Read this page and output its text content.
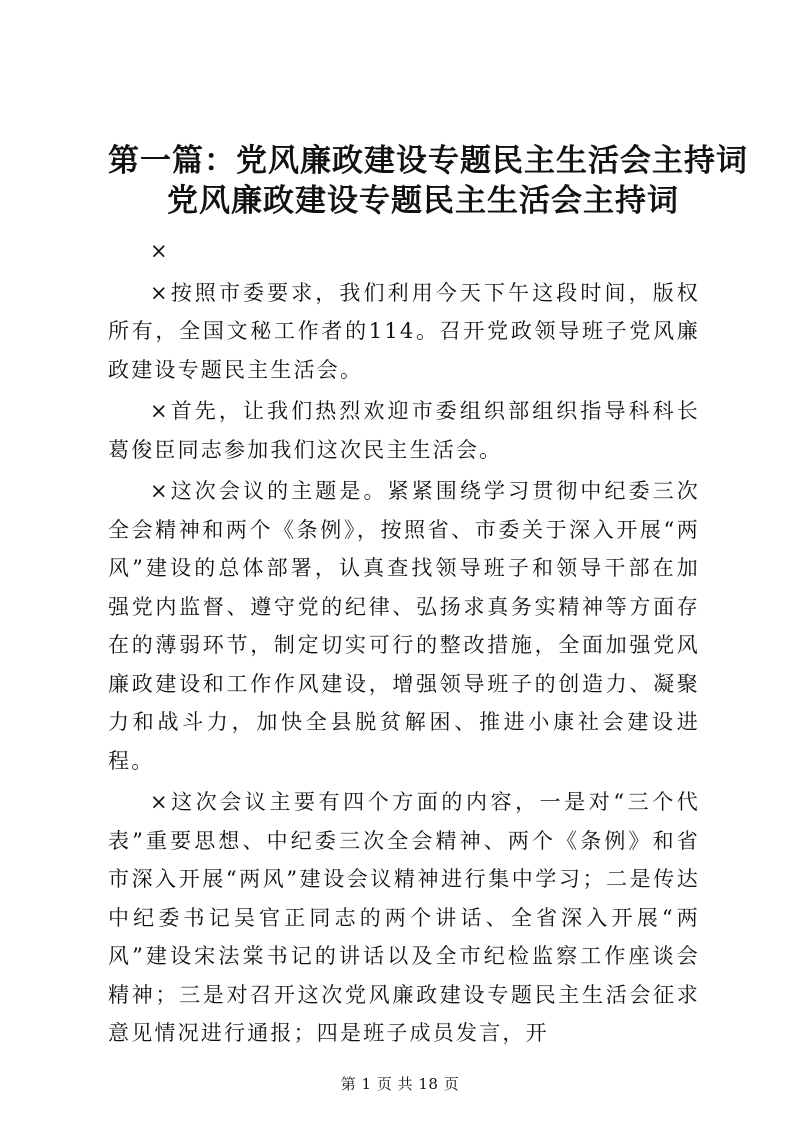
第一篇：党风廉政建设专题民主生活会主持词
党风廉政建设专题民主生活会主持词

×

×按照市委要求，我们利用今天下午这段时间，版权所有，全国文秘工作者的114。召开党政领导班子党风廉政建设专题民主生活会。

×首先，让我们热烈欢迎市委组织部组织指导科科长葛俊臣同志参加我们这次民主生活会。

×这次会议的主题是。紧紧围绕学习贯彻中纪委三次全会精神和两个《条例》，按照省、市委关于深入开展“两风”建设的总体部署，认真查找领导班子和领导干部在加强党内监督、遵守党的纪律、弘扬求真务实精神等方面存在的薄弱环节，制定切实可行的整改措施，全面加强党风廉政建设和工作作风建设，增强领导班子的创造力、凝聚力和战斗力，加快全县脱贫解困、推进小康社会建设进程。

×这次会议主要有四个方面的内容，一是对“三个代表”重要思想、中纪委三次全会精神、两个《条例》和省市深入开展“两风”建设会议精神进行集中学习；二是传达中纪委书记吴官正同志的两个讲话、全省深入开展“两风”建设宋法棠书记的讲话以及全市纪检监察工作座谈会精神；三是对召开这次党风廉政建设专题民主生活会征求意见情况进行通报；四是班子成员发言，开

第 1 页 共 18 页
